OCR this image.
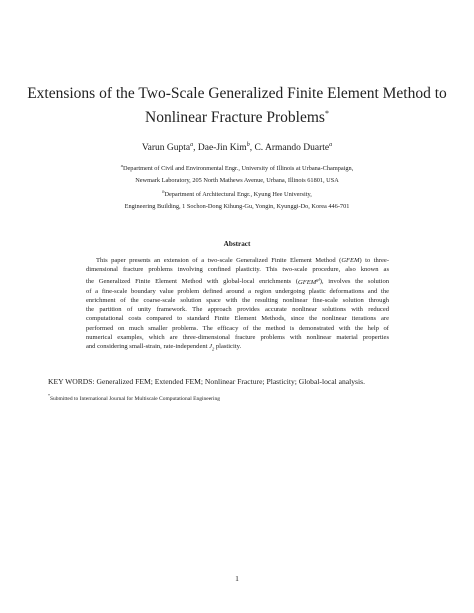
Extensions of the Two-Scale Generalized Finite Element Method to
Nonlinear Fracture Problems*
Varun Gupta$^a$, Dae-Jin Kim$^b$, C. Armando Duarte$^a$
$^a$Department of Civil and Environmental Engr., University of Illinois at Urbana-Champaign,
Newmark Laboratory, 205 North Mathews Avenue, Urbana, Illinois 61801, USA
$^b$Department of Architectural Engr., Kyung Hee University,
Engineering Building, 1 Sochon-Dong Kihung-Gu, Yongin, Kyunggi-Do, Korea 446-701
Abstract
This paper presents an extension of a two-scale Generalized Finite Element Method (GFEM) to three-
dimensional fracture problems involving confined plasticity. This two-scale procedure, also known as
the Generalized Finite Element Method with global-local enrichments $(GFEM^{gl})$, involves the solution
of a fine-scale boundary value problem defined around a region undergoing plastic deformations and the
enrichment of the coarse-scale solution space with the resulting nonlinear fine-scale solution through
the partition of unity framework. The approach provides accurate nonlinear solutions with reduced
computational costs compared to standard Finite Element Methods, since the nonlinear iterations are
performed on much smaller problems. The efficacy of the method is demonstrated with the help of
numerical examples, which are three-dimensional fracture problems with nonlinear material properties
and considering small-strain, rate-independent $J_2$ plasticity.
KEY WORDS: Generalized FEM; Extended FEM; Nonlinear Fracture; Plasticity; Global-local analysis.
*Submitted to International Journal for Multiscale Computational Engineering
1
